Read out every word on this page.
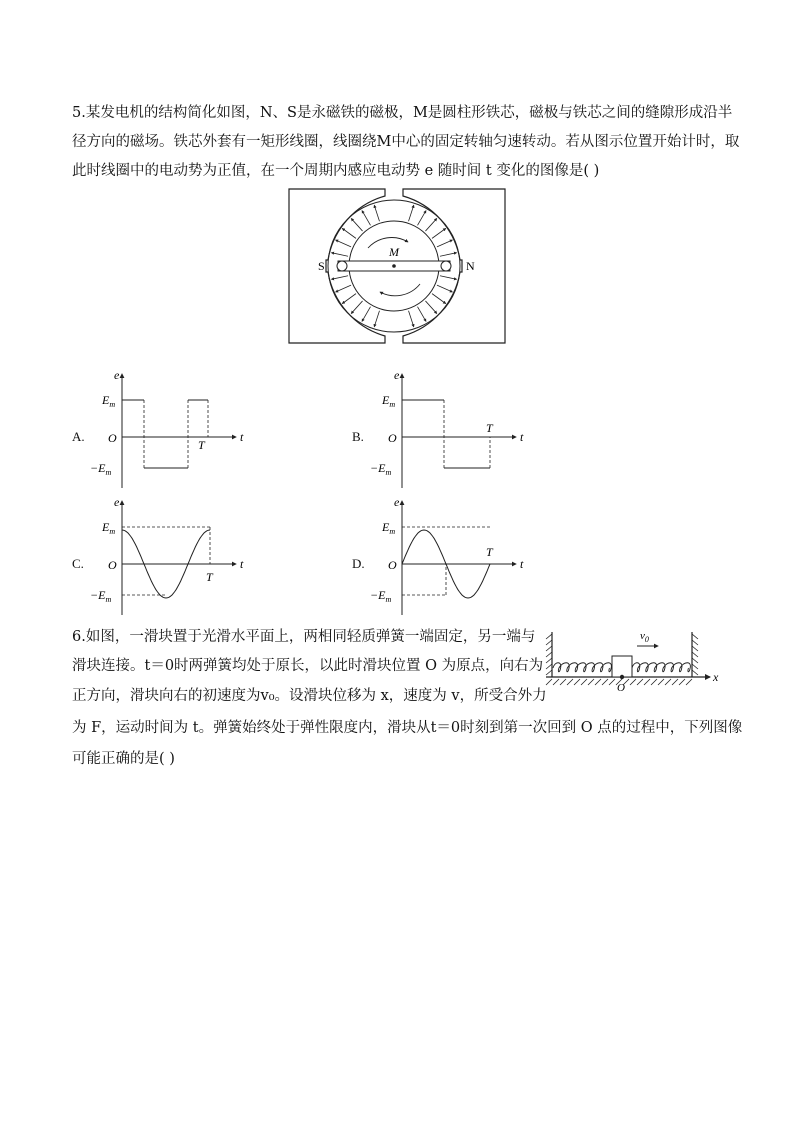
5.某发电机的结构简化如图，N、S是永磁铁的磁极，M是圆柱形铁芯，磁极与铁芯之间的缝隙形成沿半
径方向的磁场。铁芯外套有一矩形线圈，线圈绕M中心的固定转轴匀速转动。若从图示位置开始计时，取
此时线圈中的电动势为正值，在一个周期内感应电动势 e 随时间 t 变化的图像是( )
S	N
M
e
t
O
$E_m$
$-E_m$
T
A.
e
t
O
$E_m$
$-E_m$
T
B.
e
t
O
$E_m$
$-E_m$
T
C.
e
t
O
$E_m$
$-E_m$
T
D.
6.如图，一滑块置于光滑水平面上，两相同轻质弹簧一端固定，另一端与
滑块连接。t＝0时两弹簧均处于原长，以此时滑块位置 O 为原点，向右为
正方向，滑块向右的初速度为v₀。设滑块位移为 x，速度为 v，所受合外力
为 F，运动时间为 t。弹簧始终处于弹性限度内，滑块从t＝0时刻到第一次回到 O 点的过程中，下列图像
可能正确的是( )
$v_0$
O
x
